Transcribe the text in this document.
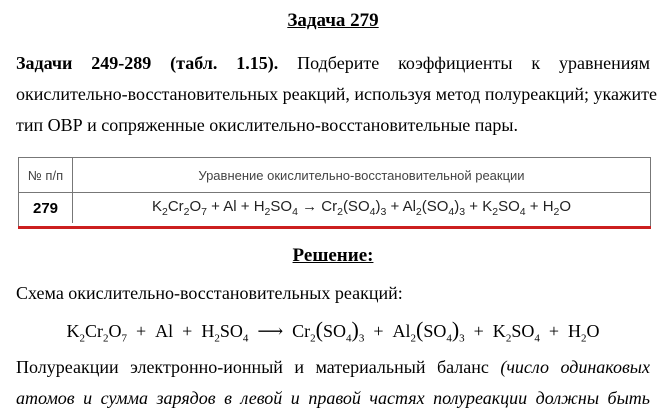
Задача 279
Задачи 249-289 (табл. 1.15). Подберите коэффициенты к уравнениям
окислительно-восстановительных реакций, используя метод полуреакций; укажите
тип ОВР и сопряженные окислительно-восстановительные пары.
№ п/п	Уравнение окислительно-восстановительной реакции
279	$K_2Cr_2O_7 + Al + H_2SO_4 \to Cr_2(SO_4)_3 + Al_2(SO_4)_3 + K_2SO_4 + H_2O$
Решение:
Схема окислительно-восстановительных реакций:
$K_2Cr_2O_7 + Al + H_2SO_4$  ⟶  $Cr_2(SO_4)_3 + Al_2(SO_4)_3 + K_2SO_4 + H_2O$
Полуреакции электронно-ионный и материальный баланс (число одинаковых
атомов и сумма зарядов в левой и правой частях полуреакции должны быть
